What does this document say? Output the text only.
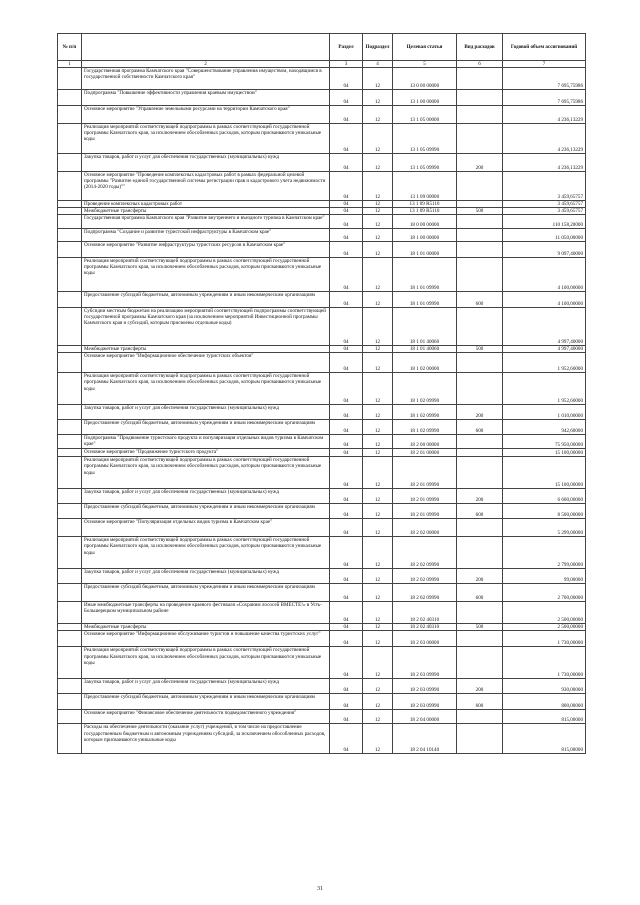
№ п/п		Раздел	Подраздел	Целевая статья	Вид расходов	Годовой объем ассигнований
1	2	3	4	5	6	7
	Государственная программа Камчатского края "Совершенствование управления имуществом, находящимся в государственной собственности Камчатского края"	04	12	13 0 00 00000		7 695,75986
	Подпрограмма "Повышение эффективности управления краевым имуществом"	04	12	13 1 00 00000		7 695,75986
	Основное мероприятие "Управление земельными ресурсами на территории Камчатского края"	04	12	13 1 05 00000		4 236,13229
	Реализация мероприятий соответствующей подпрограммы в рамках соответствующей государственной программы Камчатского края, за исключением обособленных расходов, которым присваиваются уникальные коды	04	12	13 1 05 09990		4 236,13229
	Закупка товаров, работ и услуг для обеспечения государственных (муниципальных) нужд	04	12	13 1 05 09990	200	4 236,13229
	Основное мероприятие "Проведение комплексных кадастровых работ в рамках федеральной целевой программы "Развитие единой государственной системы регистрации прав и кадастрового учета недвижимости (2014-2020 годы)""	04	12	13 1 09 00000		3 459,65757
	Проведение комплексных кадастровых работ	04	12	13 1 09 R5110		3 459,65757
	Межбюджетные трансферты	04	12	13 1 09 R5110	500	3 459,65757
	Государственная программа Камчатского края "Развитие внутреннего и въездного туризма в Камчатском крае"	04	12	18 0 00 00000		110 158,20000
	Подпрограмма "Создание и развитие туристской инфраструктуры в Камчатском крае"	04	12	18 1 00 00000		11 050,00000
	Основное мероприятие "Развитие инфраструктуры туристских ресурсов в Камчатском крае"	04	12	18 1 01 00000		9 097,40000
	Реализация мероприятий соответствующей подпрограммы в рамках соответствующей государственной программы Камчатского края, за исключением обособленных расходов, которым присваиваются уникальные коды	04	12	18 1 01 09990		4 100,00000
	Предоставление субсидий бюджетным, автономным учреждениям и иным некоммерческим организациям	04	12	18 1 01 09990	600	4 100,00000
	Субсидии местным бюджетам на реализацию мероприятий соответствующей подпрограммы соответствующей государственной программы Камчатского края (за исключением мероприятий Инвестиционной программы Камчатского края и субсидий, которым присвоены отдельные коды)	04	12	18 1 01 40060		4 997,40000
	Межбюджетные трансферты	04	12	18 1 01 40060	500	4 997,40000
	Основное мероприятие "Информационное обеспечение туристских объектов"	04	12	18 1 02 00000		1 952,60000
	Реализация мероприятий соответствующей подпрограммы в рамках соответствующей государственной программы Камчатского края, за исключением обособленных расходов, которым присваиваются уникальные коды	04	12	18 1 02 09990		1 952,60000
	Закупка товаров, работ и услуг для обеспечения государственных (муниципальных) нужд	04	12	18 1 02 09990	200	1 010,00000
	Предоставление субсидий бюджетным, автономным учреждениям и иным некоммерческим организациям	04	12	18 1 02 09990	600	942,60000
	Подпрограмма "Продвижение туристского продукта и популяризация отдельных видов туризма в Камчатском крае"	04	12	18 2 00 00000		75 950,00000
	Основное мероприятие "Продвижение туристского продукта"	04	12	18 2 01 00000		15 100,00000
	Реализация мероприятий соответствующей подпрограммы в рамках соответствующей государственной программы Камчатского края, за исключением обособленных расходов, которым присваиваются уникальные коды	04	12	18 2 01 09990		15 100,00000
	Закупка товаров, работ и услуг для обеспечения государственных (муниципальных) нужд	04	12	18 2 01 09990	200	6 600,00000
	Предоставление субсидий бюджетным, автономным учреждениям и иным некоммерческим организациям	04	12	18 2 01 09990	600	8 500,00000
	Основное мероприятие "Популяризация отдельных видов туризма в Камчатском крае"	04	12	18 2 02 00000		5 299,00000
	Реализация мероприятий соответствующей подпрограммы в рамках соответствующей государственной программы Камчатского края, за исключением обособленных расходов, которым присваиваются уникальные коды	04	12	18 2 02 09990		2 799,00000
	Закупка товаров, работ и услуг для обеспечения государственных (муниципальных) нужд	04	12	18 2 02 09990	200	99,00000
	Предоставление субсидий бюджетным, автономным учреждениям и иным некоммерческим организациям	04	12	18 2 02 09990	600	2 700,00000
	Иные межбюджетные трансферты на проведение краевого фестиваля «Сохраним лососей ВМЕСТЕ!» в Усть-Большерецком муниципальном районе	04	12	18 2 02 40310		2 500,00000
	Межбюджетные трансферты	04	12	18 2 02 40310	500	2 500,00000
	Основное мероприятие "Информационное обслуживание туристов и повышение качества туристских услуг"	04	12	18 2 03 00000		1 730,00000
	Реализация мероприятий соответствующей подпрограммы в рамках соответствующей государственной программы Камчатского края, за исключением обособленных расходов, которым присваиваются уникальные коды	04	12	18 2 03 09990		1 730,00000
	Закупка товаров, работ и услуг для обеспечения государственных (муниципальных) нужд	04	12	18 2 03 09990	200	930,00000
	Предоставление субсидий бюджетным, автономным учреждениям и иным некоммерческим организациям	04	12	18 2 03 09990	600	800,00000
	Основное мероприятие "Финансовое обеспечение деятельности подведомственного учреждения"	04	12	18 2 04 00000		815,00000
	Расходы на обеспечение деятельности (оказание услуг) учреждений, в том числе на предоставление государственным бюджетным и автономным учреждениям субсидий, за исключением обособленных расходов, которым присваиваются уникальные коды	04	12	18 2 04 10140		815,00000
31
